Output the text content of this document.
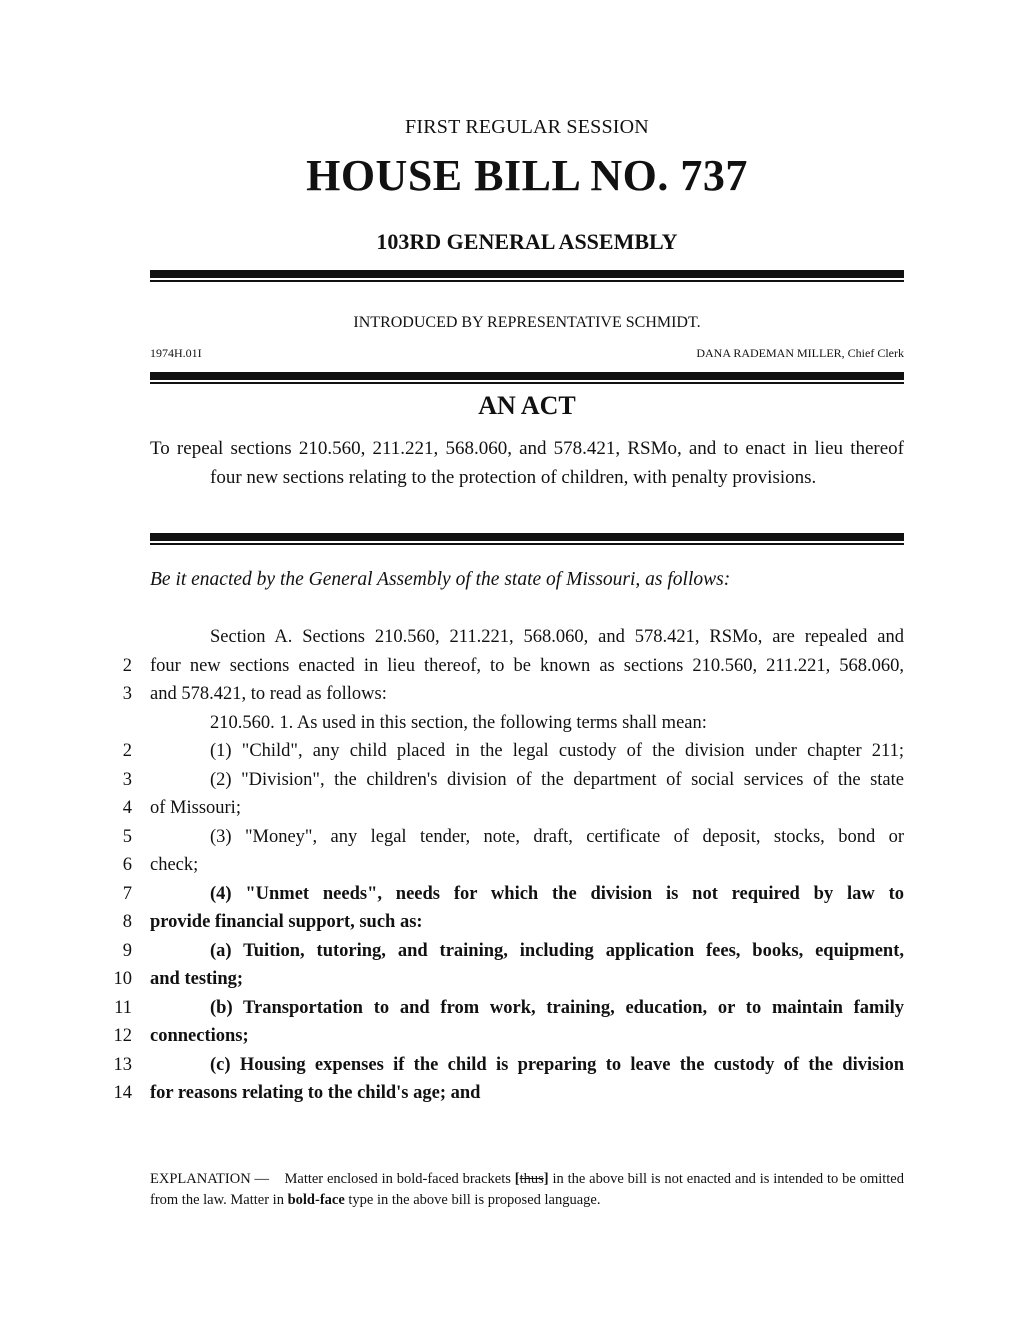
FIRST REGULAR SESSION
HOUSE BILL NO. 737
103RD GENERAL ASSEMBLY
INTRODUCED BY REPRESENTATIVE SCHMIDT.
1974H.01I	DANA RADEMAN MILLER, Chief Clerk
AN ACT
To repeal sections 210.560, 211.221, 568.060, and 578.421, RSMo, and to enact in lieu thereof four new sections relating to the protection of children, with penalty provisions.
Be it enacted by the General Assembly of the state of Missouri, as follows:
Section A. Sections 210.560, 211.221, 568.060, and 578.421, RSMo, are repealed and
2 four new sections enacted in lieu thereof, to be known as sections 210.560, 211.221, 568.060,
3 and 578.421, to read as follows:
210.560. 1. As used in this section, the following terms shall mean:
2	(1) "Child", any child placed in the legal custody of the division under chapter 211;
3	(2) "Division", the children's division of the department of social services of the state
4 of Missouri;
5	(3) "Money", any legal tender, note, draft, certificate of deposit, stocks, bond or
6 check;
7	(4) "Unmet needs", needs for which the division is not required by law to
8 provide financial support, such as:
9	(a) Tuition, tutoring, and training, including application fees, books, equipment,
10 and testing;
11	(b) Transportation to and from work, training, education, or to maintain family
12 connections;
13	(c) Housing expenses if the child is preparing to leave the custody of the division
14 for reasons relating to the child's age; and
EXPLANATION — Matter enclosed in bold-faced brackets [thus] in the above bill is not enacted and is intended to be omitted from the law. Matter in bold-face type in the above bill is proposed language.
